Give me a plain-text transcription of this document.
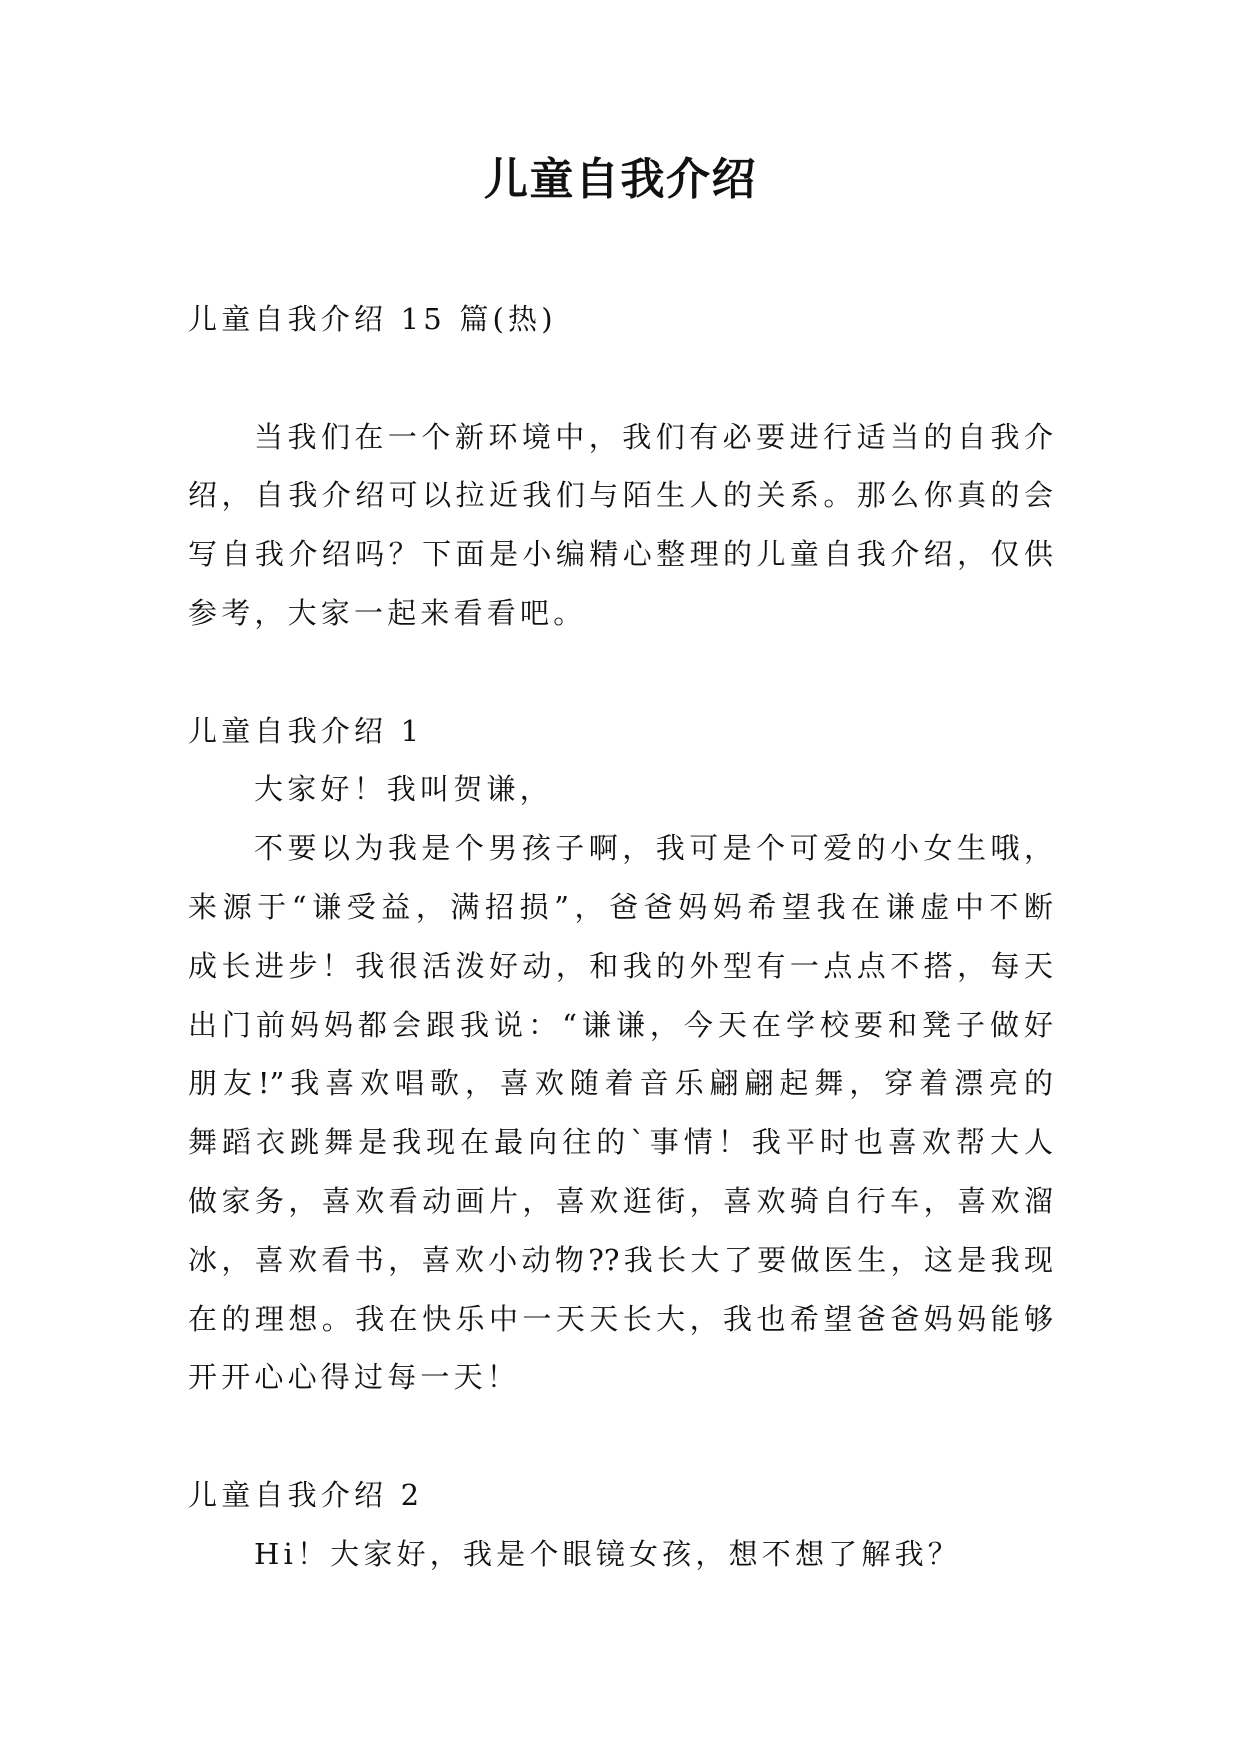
儿童自我介绍
儿童自我介绍 15 篇(热)
当我们在一个新环境中，我们有必要进行适当的自我介
绍，自我介绍可以拉近我们与陌生人的关系。那么你真的会
写自我介绍吗？下面是小编精心整理的儿童自我介绍，仅供
参考，大家一起来看看吧。
儿童自我介绍 1
大家好！我叫贺谦，
不要以为我是个男孩子啊，我可是个可爱的小女生哦，
来源于“谦受益，满招损”，爸爸妈妈希望我在谦虚中不断
成长进步！我很活泼好动，和我的外型有一点点不搭，每天
出门前妈妈都会跟我说：“谦谦，今天在学校要和凳子做好
朋友!”我喜欢唱歌，喜欢随着音乐翩翩起舞，穿着漂亮的
舞蹈衣跳舞是我现在最向往的`事情！我平时也喜欢帮大人
做家务，喜欢看动画片，喜欢逛街，喜欢骑自行车，喜欢溜
冰，喜欢看书，喜欢小动物??我长大了要做医生，这是我现
在的理想。我在快乐中一天天长大，我也希望爸爸妈妈能够
开开心心得过每一天！
儿童自我介绍 2
Hi！大家好，我是个眼镜女孩，想不想了解我？
